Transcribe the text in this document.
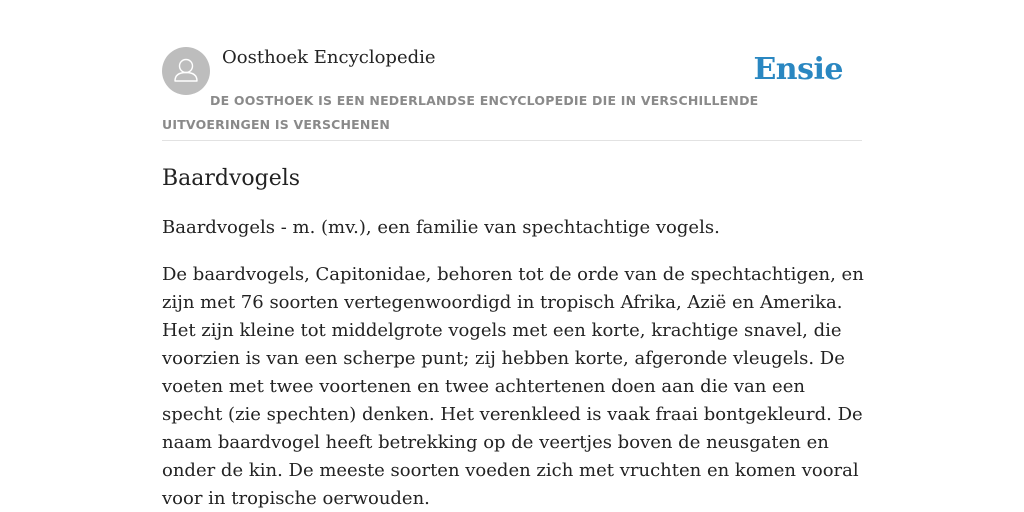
Oosthoek Encyclopedie	Ensie
DE OOSTHOEK IS EEN NEDERLANDSE ENCYCLOPEDIE DIE IN VERSCHILLENDE UITVOERINGEN IS VERSCHENEN
Baardvogels

Baardvogels - m. (mv.), een familie van spechtachtige vogels.

De baardvogels, Capitonidae, behoren tot de orde van de spechtachtigen, en zijn met 76 soorten vertegenwoordigd in tropisch Afrika, Azië en Amerika. Het zijn kleine tot middelgrote vogels met een korte, krachtige snavel, die voorzien is van een scherpe punt; zij hebben korte, afgeronde vleugels. De voeten met twee voortenen en twee achtertenen doen aan die van een specht (zie spechten) denken. Het verenkleed is vaak fraai bontgekleurd. De naam baardvogel heeft betrekking op de veertjes boven de neusgaten en onder de kin. De meeste soorten voeden zich met vruchten en komen vooral voor in tropische oerwouden.
